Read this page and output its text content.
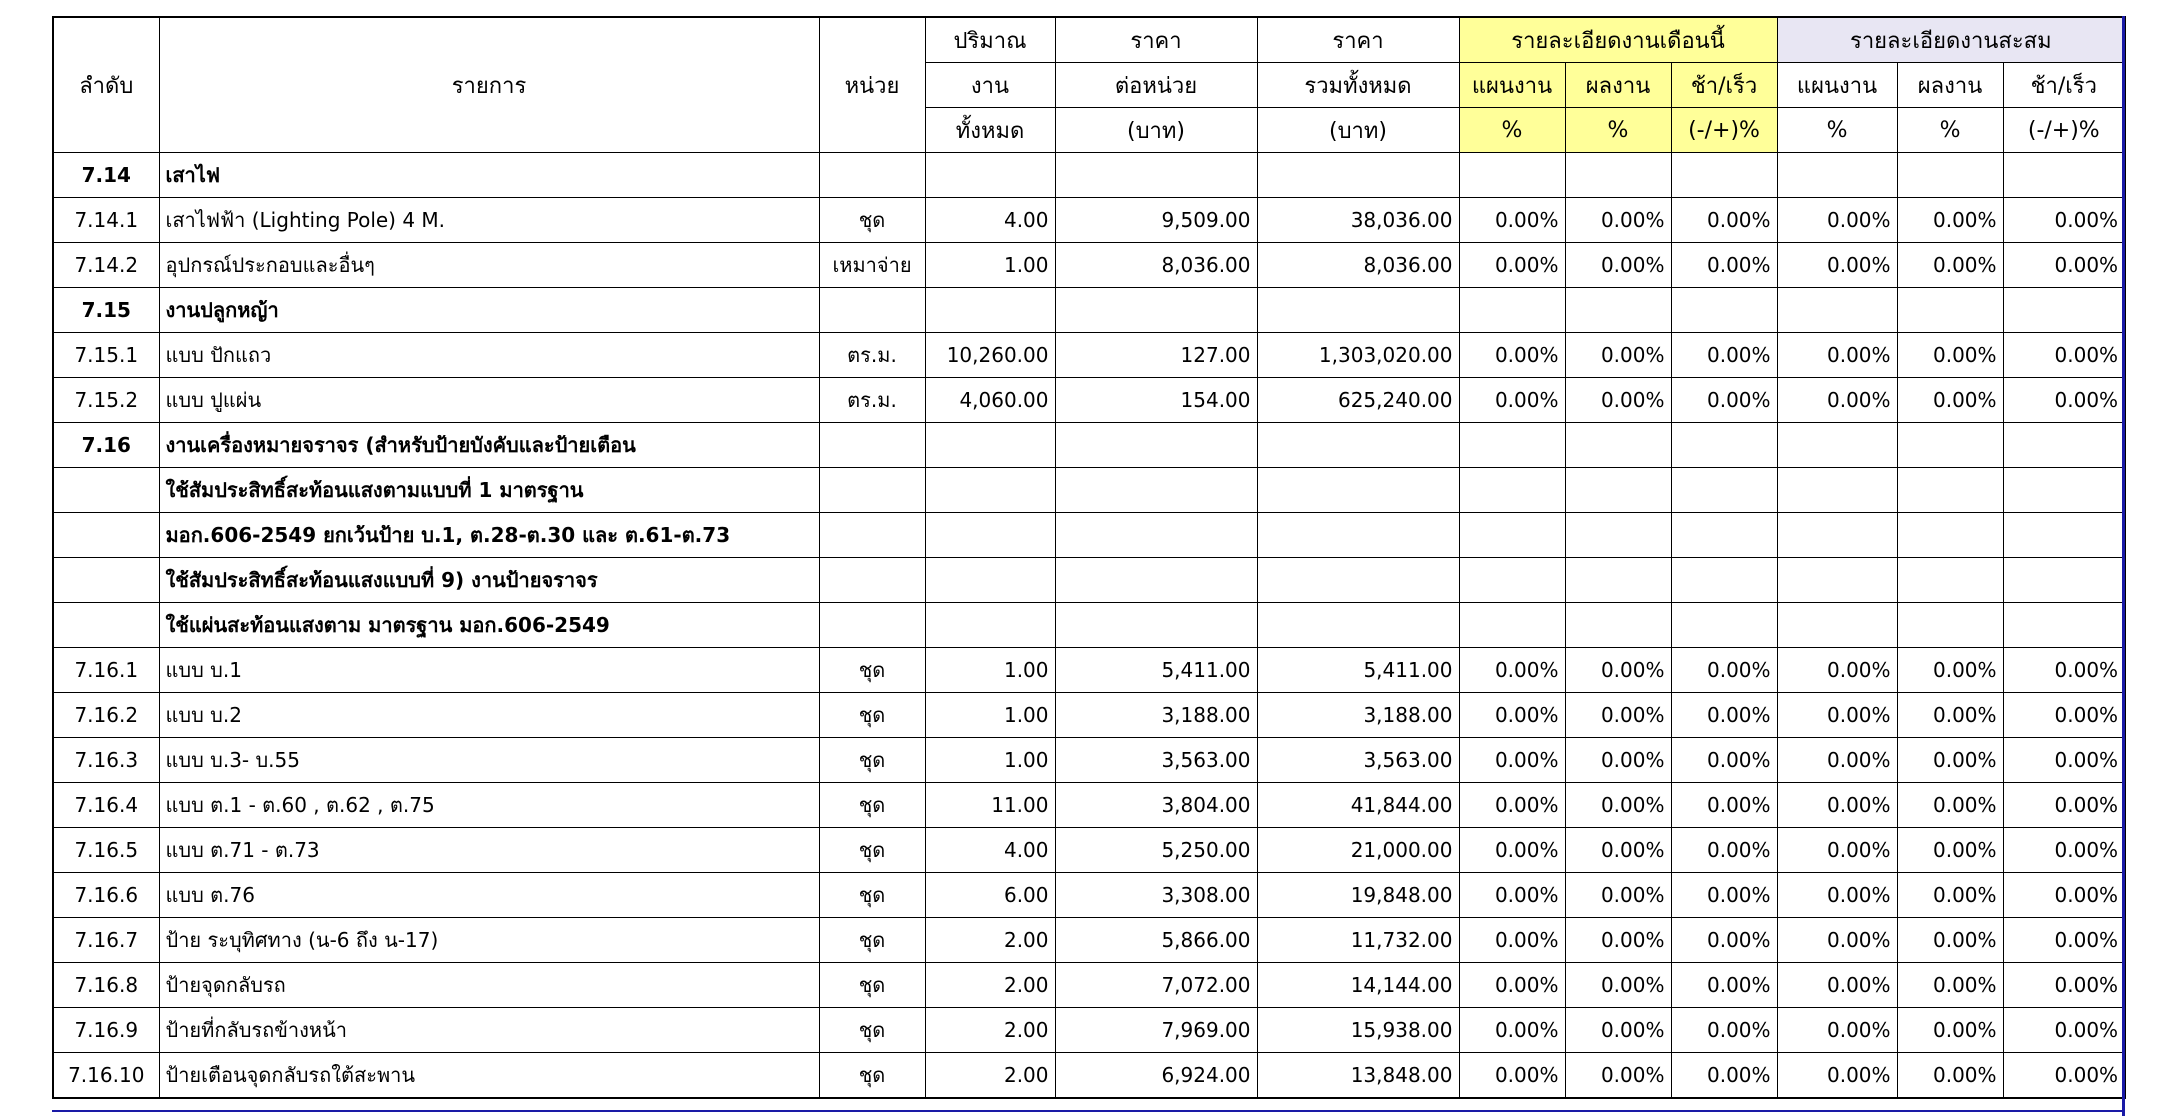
ลำดับ	รายการ	หน่วย	ปริมาณ	ราคา	ราคา	รายละเอียดงานเดือนนี้			รายละเอียดงานสะสม		
			งาน	ต่อหน่วย	รวมทั้งหมด	แผนงาน	ผลงาน	ช้า/เร็ว	แผนงาน	ผลงาน	ช้า/เร็ว
			ทั้งหมด	(บาท)	(บาท)	%	%	(-/+)%	%	%	(-/+)%
7.14	เสาไฟ										
7.14.1	เสาไฟฟ้า (Lighting Pole) 4 M.	ชุด	4.00	9,509.00	38,036.00	0.00%	0.00%	0.00%	0.00%	0.00%	0.00%
7.14.2	อุปกรณ์ประกอบและอื่นๆ	เหมาจ่าย	1.00	8,036.00	8,036.00	0.00%	0.00%	0.00%	0.00%	0.00%	0.00%
7.15	งานปลูกหญ้า										
7.15.1	แบบ ปักแถว	ตร.ม.	10,260.00	127.00	1,303,020.00	0.00%	0.00%	0.00%	0.00%	0.00%	0.00%
7.15.2	แบบ ปูแผ่น	ตร.ม.	4,060.00	154.00	625,240.00	0.00%	0.00%	0.00%	0.00%	0.00%	0.00%
7.16	งานเครื่องหมายจราจร (สำหรับป้ายบังคับและป้ายเตือน										
	ใช้สัมประสิทธิ์สะท้อนแสงตามแบบที่ 1 มาตรฐาน										
	มอก.606-2549 ยกเว้นป้าย บ.1, ต.28-ต.30 และ ต.61-ต.73										
	ใช้สัมประสิทธิ์สะท้อนแสงแบบที่ 9) งานป้ายจราจร										
	ใช้แผ่นสะท้อนแสงตาม มาตรฐาน มอก.606-2549										
7.16.1	แบบ บ.1	ชุด	1.00	5,411.00	5,411.00	0.00%	0.00%	0.00%	0.00%	0.00%	0.00%
7.16.2	แบบ บ.2	ชุด	1.00	3,188.00	3,188.00	0.00%	0.00%	0.00%	0.00%	0.00%	0.00%
7.16.3	แบบ บ.3- บ.55	ชุด	1.00	3,563.00	3,563.00	0.00%	0.00%	0.00%	0.00%	0.00%	0.00%
7.16.4	แบบ ต.1 - ต.60 , ต.62 , ต.75	ชุด	11.00	3,804.00	41,844.00	0.00%	0.00%	0.00%	0.00%	0.00%	0.00%
7.16.5	แบบ ต.71 - ต.73	ชุด	4.00	5,250.00	21,000.00	0.00%	0.00%	0.00%	0.00%	0.00%	0.00%
7.16.6	แบบ ต.76	ชุด	6.00	3,308.00	19,848.00	0.00%	0.00%	0.00%	0.00%	0.00%	0.00%
7.16.7	ป้าย ระบุทิศทาง (น-6 ถึง น-17)	ชุด	2.00	5,866.00	11,732.00	0.00%	0.00%	0.00%	0.00%	0.00%	0.00%
7.16.8	ป้ายจุดกลับรถ	ชุด	2.00	7,072.00	14,144.00	0.00%	0.00%	0.00%	0.00%	0.00%	0.00%
7.16.9	ป้ายที่กลับรถข้างหน้า	ชุด	2.00	7,969.00	15,938.00	0.00%	0.00%	0.00%	0.00%	0.00%	0.00%
7.16.10	ป้ายเตือนจุดกลับรถใต้สะพาน	ชุด	2.00	6,924.00	13,848.00	0.00%	0.00%	0.00%	0.00%	0.00%	0.00%
